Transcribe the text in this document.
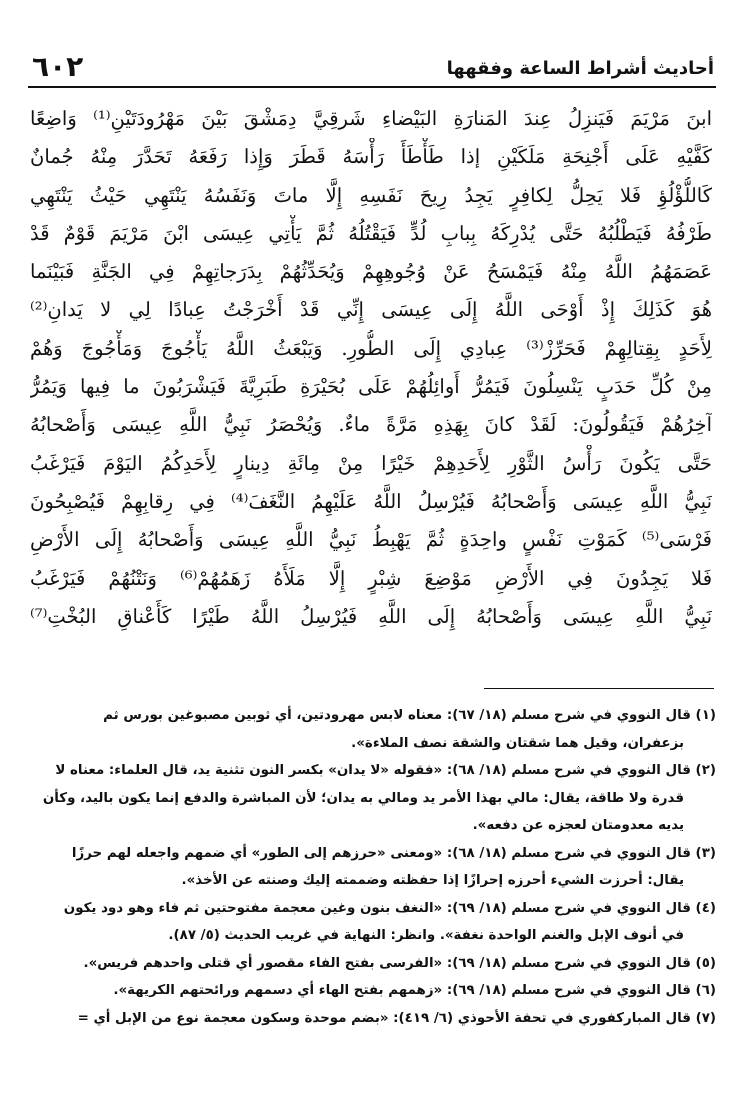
٦٠٢	أحاديث أشراط الساعة وفقهها
ابنَ مَرْيَمَ فَيَنزِلُ عِندَ المَنارَةِ البَيْضاءِ شَرقِيَّ دِمَشْقَ بَيْنَ مَهْرُودَتَيْنِ⁽¹⁾ وَاضِعًا
كَفَّيْهِ عَلَى أَجْنِحَةِ مَلَكَيْنِ إذا طَأْطَأَ رَأْسَهُ قَطَرَ وَإِذا رَفَعَهُ تَحَدَّرَ مِنْهُ جُمانٌ
كَاللُّؤْلُؤِ فَلا يَحِلُّ لِكافِرٍ يَجِدُ رِيحَ نَفَسِهِ إِلَّا ماتَ وَنَفَسُهُ يَنْتَهِي حَيْثُ يَنْتَهِي
طَرْفُهُ فَيَطْلُبُهُ حَتَّى يُدْرِكَهُ بِبابِ لُدٍّ فَيَقْتُلُهُ ثُمَّ يَأْتِي عِيسَى ابْنَ مَرْيَمَ قَوْمٌ قَدْ
عَصَمَهُمُ اللَّهُ مِنْهُ فَيَمْسَحُ عَنْ وُجُوهِهِمْ وَيُحَدِّثُهُمْ بِدَرَجاتِهِمْ فِي الجَنَّةِ فَبَيْنَما
هُوَ كَذَلِكَ إِذْ أَوْحَى اللَّهُ إِلَى عِيسَى إِنِّي قَدْ أَخْرَجْتُ عِبادًا لِي لا يَدانِ⁽²⁾
لِأَحَدٍ بِقِتالِهِمْ فَحَرِّزْ⁽³⁾ عِبادِي إِلَى الطُّورِ. وَيَبْعَثُ اللَّهُ يَأْجُوجَ وَمَأْجُوجَ وَهُمْ
مِنْ كُلِّ حَدَبٍ يَنْسِلُونَ فَيَمُرُّ أَوائِلُهُمْ عَلَى بُحَيْرَةِ طَبَرِيَّةَ فَيَشْرَبُونَ ما فِيها وَيَمُرُّ
آخِرُهُمْ فَيَقُولُونَ: لَقَدْ كانَ بِهَذِهِ مَرَّةً ماءٌ. وَيُحْصَرُ نَبِيُّ اللَّهِ عِيسَى وَأَصْحابُهُ
حَتَّى يَكُونَ رَأْسُ الثَّوْرِ لِأَحَدِهِمْ خَيْرًا مِنْ مِائَةِ دِينارٍ لِأَحَدِكُمُ اليَوْمَ فَيَرْغَبُ
نَبِيُّ اللَّهِ عِيسَى وَأَصْحابُهُ فَيُرْسِلُ اللَّهُ عَلَيْهِمُ النَّغَفَ⁽⁴⁾ فِي رِقابِهِمْ فَيُصْبِحُونَ
فَرْسَى⁽⁵⁾ كَمَوْتِ نَفْسٍ واحِدَةٍ ثُمَّ يَهْبِطُ نَبِيُّ اللَّهِ عِيسَى وَأَصْحابُهُ إِلَى الأَرْضِ
فَلا يَجِدُونَ فِي الأَرْضِ مَوْضِعَ شِبْرٍ إِلَّا مَلَأَهُ زَهَمُهُمْ⁽⁶⁾ وَنَتْنُهُمْ فَيَرْغَبُ
نَبِيُّ اللَّهِ عِيسَى وَأَصْحابُهُ إِلَى اللَّهِ فَيُرْسِلُ اللَّهُ طَيْرًا كَأَعْناقِ البُخْتِ⁽⁷⁾
(١) قال النووي في شرح مسلم (١٨/ ٦٧): معناه لابس مهرودتين، أي ثوبين مصبوغين بورس ثم
بزعفران، وقيل هما شقتان والشقة نصف الملاءة».
(٢) قال النووي في شرح مسلم (١٨/ ٦٨): «فقوله «لا يدان» بكسر النون تثنية يد، قال العلماء: معناه لا
قدرة ولا طاقة، يقال: مالي بهذا الأمر يد ومالي به يدان؛ لأن المباشرة والدفع إنما يكون باليد، وكأن
يديه معدومتان لعجزه عن دفعه».
(٣) قال النووي في شرح مسلم (١٨/ ٦٨): «ومعنى «حرزهم إلى الطور» أي ضمهم واجعله لهم حرزًا
يقال: أحرزت الشيء أحرزه إحرازًا إذا حفظته وضممته إليك وصنته عن الأخذ».
(٤) قال النووي في شرح مسلم (١٨/ ٦٩): «النغف بنون وغين معجمة مفتوحتين ثم فاء وهو دود يكون
في أنوف الإبل والغنم الواحدة نغفة». وانظر: النهاية في غريب الحديث (٥/ ٨٧).
(٥) قال النووي في شرح مسلم (١٨/ ٦٩): «الفرسى بفتح الفاء مقصور أي قتلى واحدهم فريس».
(٦) قال النووي في شرح مسلم (١٨/ ٦٩): «زهمهم بفتح الهاء أي دسمهم ورائحتهم الكريهة».
(٧) قال المباركفوري في تحفة الأحوذي (٦/ ٤١٩): «بضم موحدة وسكون معجمة نوع من الإبل أي =
